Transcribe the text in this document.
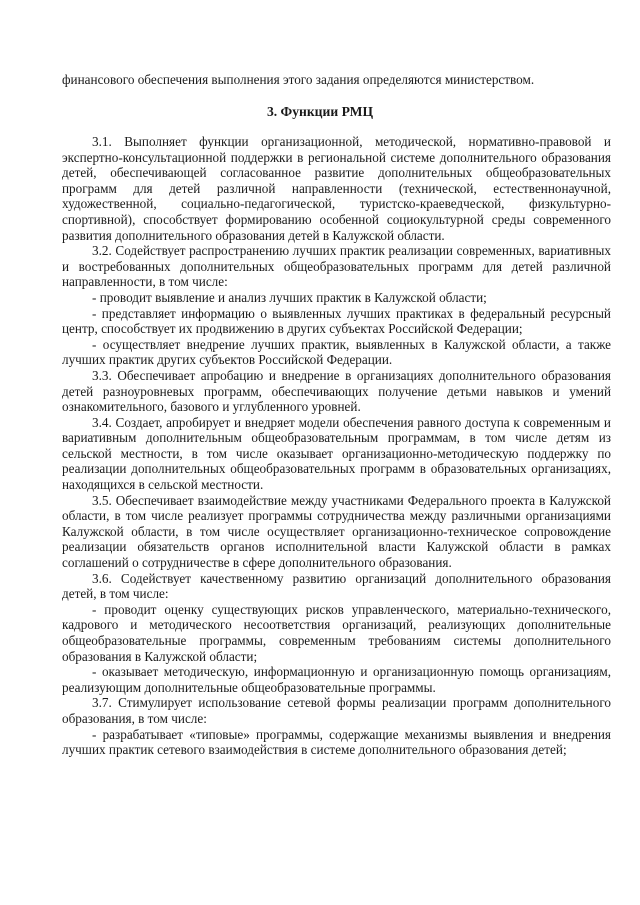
финансового обеспечения выполнения этого задания определяются министерством.
3. Функции РМЦ

3.1. Выполняет функции организационной, методической, нормативно-правовой и экспертно-консультационной поддержки в региональной системе дополнительного образования детей, обеспечивающей согласованное развитие дополнительных общеобразовательных программ для детей различной направленности (технической, естественнонаучной, художественной, социально-педагогической, туристско-краеведческой, физкультурно-спортивной), способствует формированию особенной социокультурной среды современного развития дополнительного образования детей в Калужской области.

3.2. Содействует распространению лучших практик реализации современных, вариативных и востребованных дополнительных общеобразовательных программ для детей различной направленности, в том числе:

- проводит выявление и анализ лучших практик в Калужской области;

- представляет информацию о выявленных лучших практиках в федеральный ресурсный центр, способствует их продвижению в других субъектах Российской Федерации;

- осуществляет внедрение лучших практик, выявленных в Калужской области, а также лучших практик других субъектов Российской Федерации.

3.3. Обеспечивает апробацию и внедрение в организациях дополнительного образования детей разноуровневых программ, обеспечивающих получение детьми навыков и умений ознакомительного, базового и углубленного уровней.

3.4. Создает, апробирует и внедряет модели обеспечения равного доступа к современным и вариативным дополнительным общеобразовательным программам, в том числе детям из сельской местности, в том числе оказывает организационно-методическую поддержку по реализации дополнительных общеобразовательных программ в образовательных организациях, находящихся в сельской местности.

3.5. Обеспечивает взаимодействие между участниками Федерального проекта в Калужской области, в том числе реализует программы сотрудничества между различными организациями Калужской области, в том числе осуществляет организационно-техническое сопровождение реализации обязательств органов исполнительной власти Калужской области в рамках соглашений о сотрудничестве в сфере дополнительного образования.

3.6. Содействует качественному развитию организаций дополнительного образования детей, в том числе:

- проводит оценку существующих рисков управленческого, материально-технического, кадрового и методического несоответствия организаций, реализующих дополнительные общеобразовательные программы, современным требованиям системы дополнительного образования в Калужской области;

- оказывает методическую, информационную и организационную помощь организациям, реализующим дополнительные общеобразовательные программы.

3.7. Стимулирует использование сетевой формы реализации программ дополнительного образования, в том числе:

- разрабатывает «типовые» программы, содержащие механизмы выявления и внедрения лучших практик сетевого взаимодействия в системе дополнительного образования детей;
